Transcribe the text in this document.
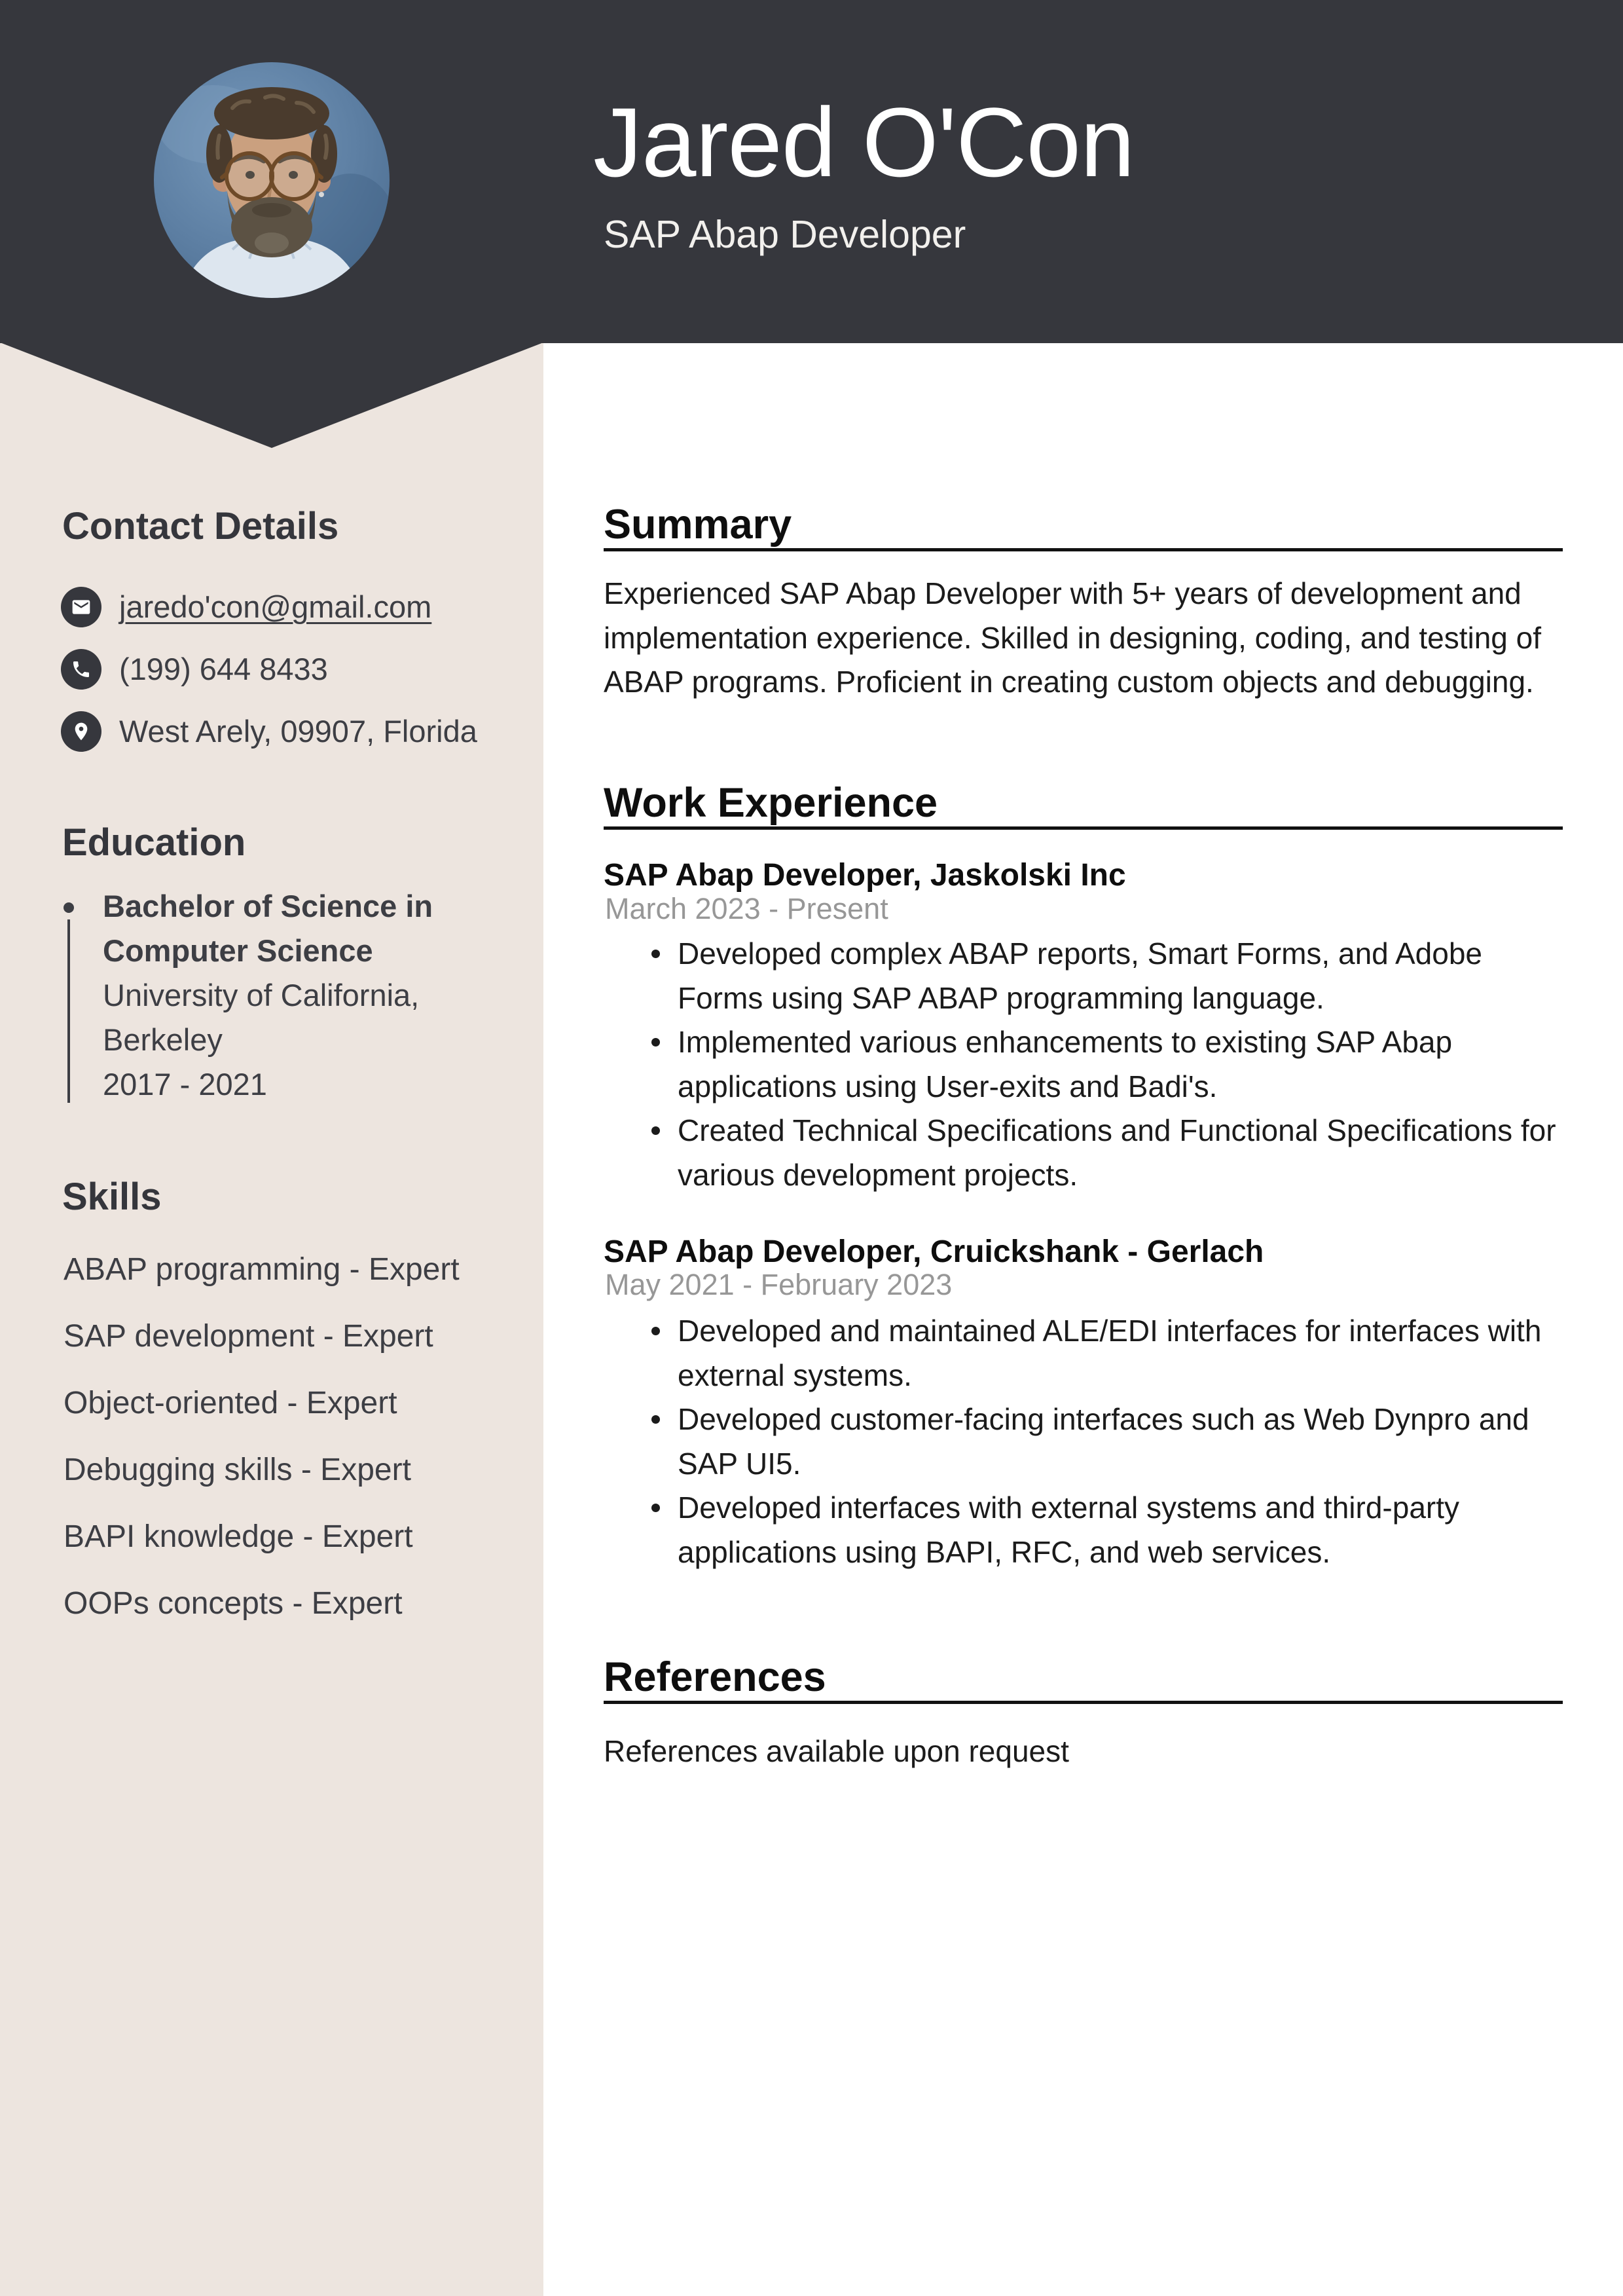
Jared O'Con
SAP Abap Developer
Contact Details
jaredo'con@gmail.com
(199) 644 8433
West Arely, 09907, Florida
Education
Bachelor of Science in
Computer Science
University of California,
Berkeley
2017 - 2021
Skills
ABAP programming - Expert
SAP development - Expert
Object-oriented - Expert
Debugging skills - Expert
BAPI knowledge - Expert
OOPs concepts - Expert
Summary
Experienced SAP Abap Developer with 5+ years of development and
implementation experience. Skilled in designing, coding, and testing of
ABAP programs. Proficient in creating custom objects and debugging.
Work Experience
SAP Abap Developer, Jaskolski Inc
March 2023 - Present
Developed complex ABAP reports, Smart Forms, and Adobe
Forms using SAP ABAP programming language.
Implemented various enhancements to existing SAP Abap
applications using User-exits and Badi's.
Created Technical Specifications and Functional Specifications for
various development projects.
SAP Abap Developer, Cruickshank - Gerlach
May 2021 - February 2023
Developed and maintained ALE/EDI interfaces for interfaces with
external systems.
Developed customer-facing interfaces such as Web Dynpro and
SAP UI5.
Developed interfaces with external systems and third-party
applications using BAPI, RFC, and web services.
References
References available upon request
